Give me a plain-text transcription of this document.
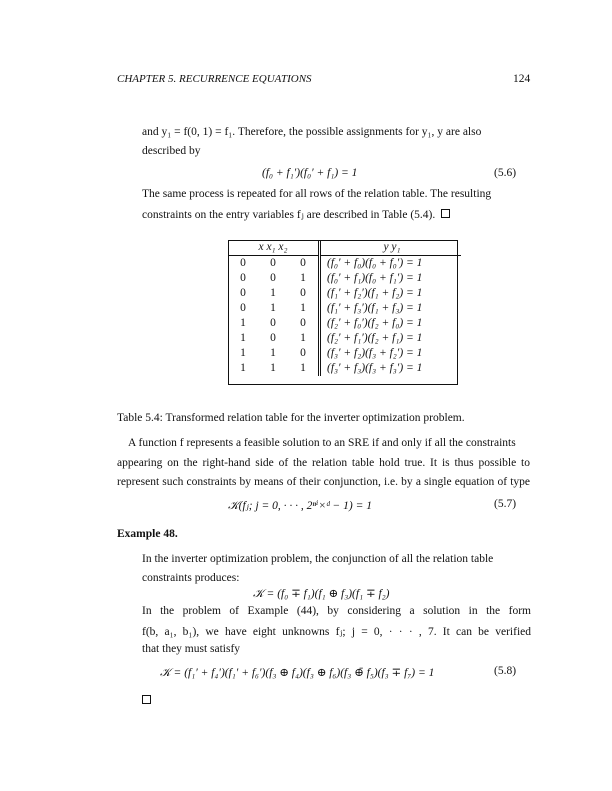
CHAPTER 5. RECURRENCE EQUATIONS	124
and y₁ = f(0, 1) = f₁. Therefore, the possible assignments for y₁, y are also
described by
(f₀ + f₁′)(f₀′ + f₁) = 1	(5.6)
The same process is repeated for all rows of the relation table. The resulting
constraints on the entry variables fⱼ are described in Table (5.4).
x x₁ x₂			y y₁
0	0	0	(f₀′ + f₀)(f₀ + f₀′) = 1
0	0	1	(f₀′ + f₁)(f₀ + f₁′) = 1
0	1	0	(f₁′ + f₂′)(f₁ + f₂) = 1
0	1	1	(f₁′ + f₃′)(f₁ + f₃) = 1
1	0	0	(f₂′ + f₀′)(f₂ + f₀) = 1
1	0	1	(f₂′ + f₁′)(f₂ + f₁) = 1
1	1	0	(f₃′ + f₂)(f₃ + f₂′) = 1
1	1	1	(f₃′ + f₃)(f₃ + f₃′) = 1
Table 5.4: Transformed relation table for the inverter optimization problem.
A function f represents a feasible solution to an SRE if and only if all the constraints
appearing on the right-hand side of the relation table hold true. It is thus possible to
represent such constraints by means of their conjunction, i.e. by a single equation of type
𝒦(fⱼ; j = 0, · · · , 2ⁿⁱ×ᵈ − 1) = 1	(5.7)
Example 48.
In the inverter optimization problem, the conjunction of all the relation table
constraints produces:
𝒦 = (f₀ ∓ f₁)(f₁ ⊕ f₃)(f₁ ∓ f₂)
In the problem of Example (44), by considering a solution in the form
f(b, a₁, b₁), we have eight unknowns fⱼ; j = 0, · · · , 7. It can be verified
that they must satisfy
𝒦 = (f₁′ + f₄′)(f₁′ + f₆′)(f₃ ⊕ f₄)(f₃ ⊕ f₆)(f₃ ⊕̄ f₅)(f₃ ∓ f₇) = 1	(5.8)
